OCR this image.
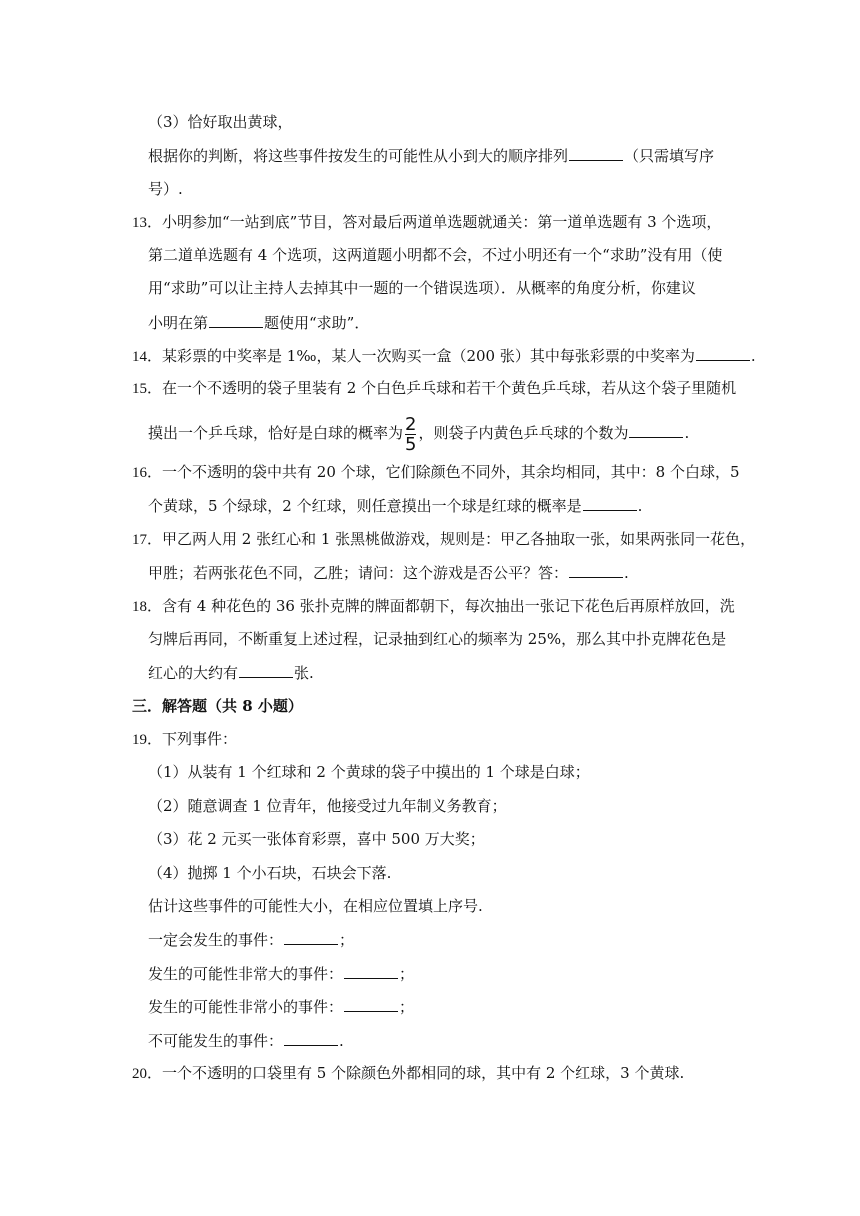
（3）恰好取出黄球，
根据你的判断，将这些事件按发生的可能性从小到大的顺序排列	（只需填写序
号）.
13．小明参加“一站到底”节目，答对最后两道单选题就通关：第一道单选题有 3 个选项，
第二道单选题有 4 个选项，这两道题小明都不会，不过小明还有一个“求助”没有用（使
用“求助”可以让主持人去掉其中一题的一个错误选项）．从概率的角度分析，你建议
小明在第	题使用“求助”．
14．某彩票的中奖率是 1‰，某人一次购买一盒（200 张）其中每张彩票的中奖率为	.
15．在一个不透明的袋子里装有 2 个白色乒乓球和若干个黄色乒乓球，若从这个袋子里随机
摸出一个乒乓球，恰好是白球的概率为 $\frac{2}{5}$ ，则袋子内黄色乒乓球的个数为	.
16．一个不透明的袋中共有 20 个球，它们除颜色不同外，其余均相同，其中：8 个白球，5
个黄球，5 个绿球，2 个红球，则任意摸出一个球是红球的概率是	.
17．甲乙两人用 2 张红心和 1 张黑桃做游戏，规则是：甲乙各抽取一张，如果两张同一花色，
甲胜；若两张花色不同，乙胜；请问：这个游戏是否公平？答：	.
18．含有 4 种花色的 36 张扑克牌的牌面都朝下，每次抽出一张记下花色后再原样放回，洗
匀牌后再同，不断重复上述过程，记录抽到红心的频率为 25%，那么其中扑克牌花色是
红心的大约有	张.
三．解答题（共 8 小题）
19．下列事件：
（1）从装有 1 个红球和 2 个黄球的袋子中摸出的 1 个球是白球；
（2）随意调查 1 位青年，他接受过九年制义务教育；
（3）花 2 元买一张体育彩票，喜中 500 万大奖；
（4）抛掷 1 个小石块，石块会下落.
估计这些事件的可能性大小，在相应位置填上序号.
一定会发生的事件：	；
发生的可能性非常大的事件：	；
发生的可能性非常小的事件：	；
不可能发生的事件：	.
20．一个不透明的口袋里有 5 个除颜色外都相同的球，其中有 2 个红球，3 个黄球.
